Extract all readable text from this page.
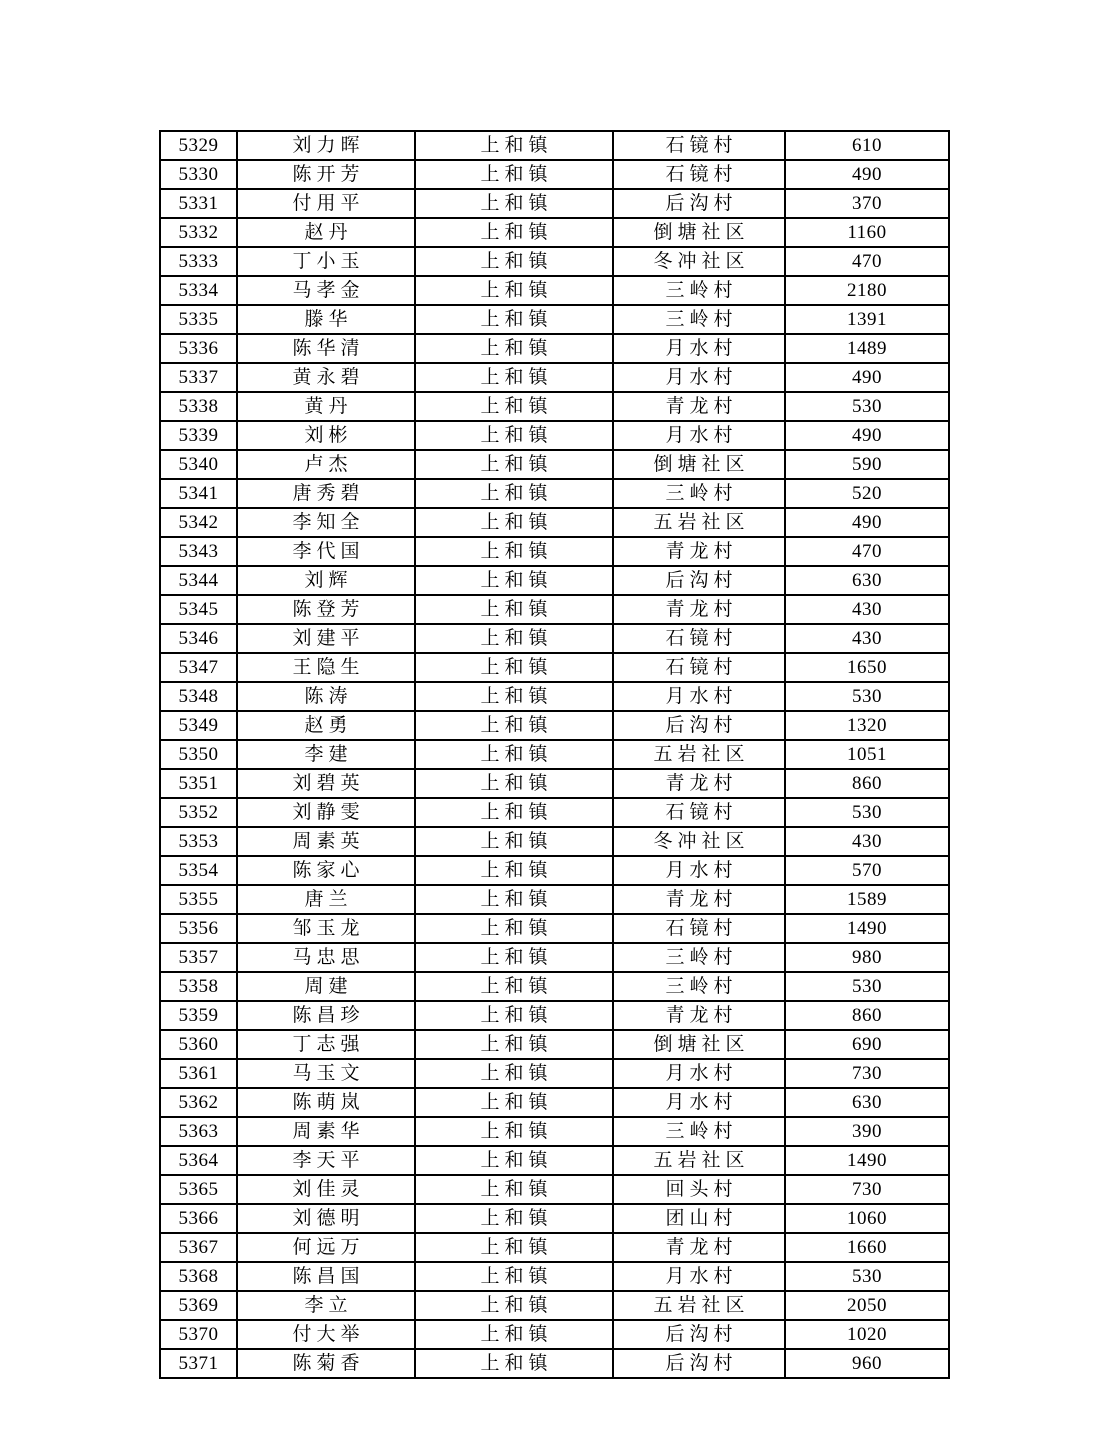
5329	刘力晖	上和镇	石镜村	610
5330	陈开芳	上和镇	石镜村	490
5331	付用平	上和镇	后沟村	370
5332	赵丹	上和镇	倒塘社区	1160
5333	丁小玉	上和镇	冬冲社区	470
5334	马孝金	上和镇	三岭村	2180
5335	滕华	上和镇	三岭村	1391
5336	陈华清	上和镇	月水村	1489
5337	黄永碧	上和镇	月水村	490
5338	黄丹	上和镇	青龙村	530
5339	刘彬	上和镇	月水村	490
5340	卢杰	上和镇	倒塘社区	590
5341	唐秀碧	上和镇	三岭村	520
5342	李知全	上和镇	五岩社区	490
5343	李代国	上和镇	青龙村	470
5344	刘辉	上和镇	后沟村	630
5345	陈登芳	上和镇	青龙村	430
5346	刘建平	上和镇	石镜村	430
5347	王隐生	上和镇	石镜村	1650
5348	陈涛	上和镇	月水村	530
5349	赵勇	上和镇	后沟村	1320
5350	李建	上和镇	五岩社区	1051
5351	刘碧英	上和镇	青龙村	860
5352	刘静雯	上和镇	石镜村	530
5353	周素英	上和镇	冬冲社区	430
5354	陈家心	上和镇	月水村	570
5355	唐兰	上和镇	青龙村	1589
5356	邹玉龙	上和镇	石镜村	1490
5357	马忠思	上和镇	三岭村	980
5358	周建	上和镇	三岭村	530
5359	陈昌珍	上和镇	青龙村	860
5360	丁志强	上和镇	倒塘社区	690
5361	马玉文	上和镇	月水村	730
5362	陈萌岚	上和镇	月水村	630
5363	周素华	上和镇	三岭村	390
5364	李天平	上和镇	五岩社区	1490
5365	刘佳灵	上和镇	回头村	730
5366	刘德明	上和镇	团山村	1060
5367	何远万	上和镇	青龙村	1660
5368	陈昌国	上和镇	月水村	530
5369	李立	上和镇	五岩社区	2050
5370	付大举	上和镇	后沟村	1020
5371	陈菊香	上和镇	后沟村	960
